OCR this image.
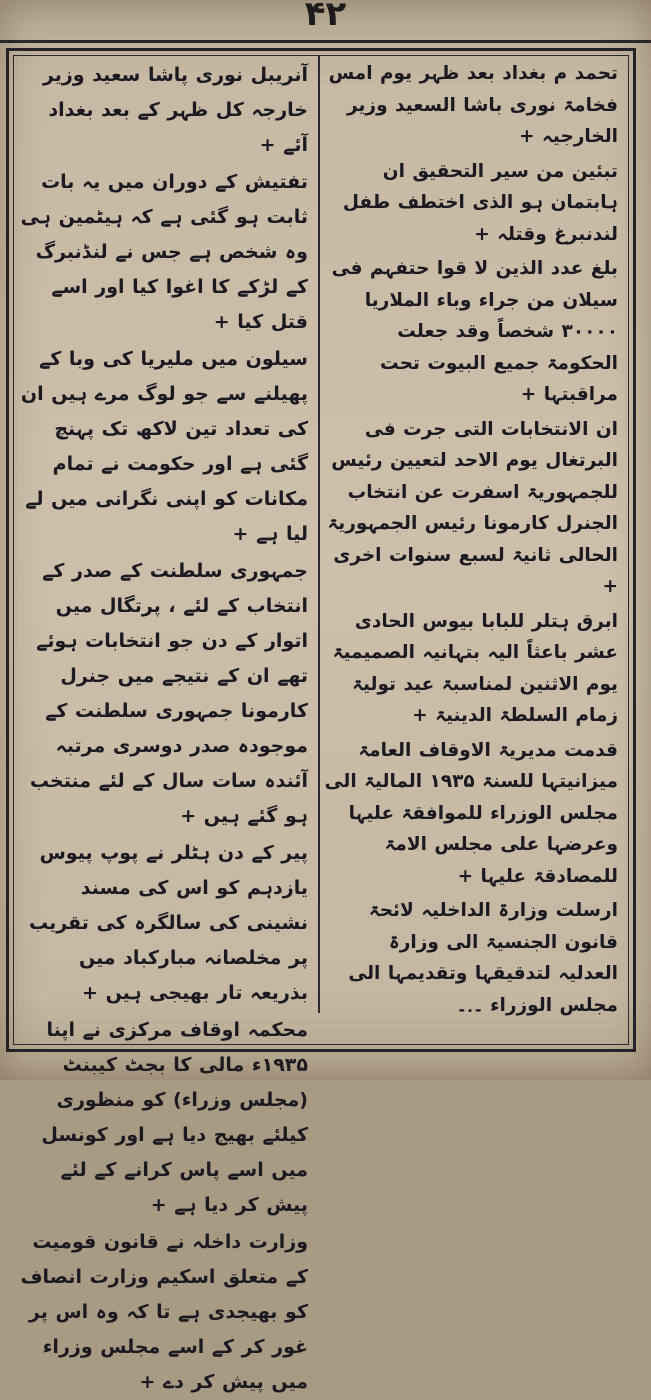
۴۲

تحمد م بغداد بعد ظہر یوم امس فخامۃ نوری باشا السعید وزیر الخارجیہ +

تبئین من سیر التحقیق ان ہابتمان ہو الذی اختطف طفل لندنبرغ وقتلہ +

بلغ عدد الذین لا قوا حتفہم فی سیلان من جراء وباء الملاریا ۳۰۰۰۰ شخصاً وقد جعلت الحکومۃ جمیع البیوت تحت مراقبتہا +

ان الانتخابات التی جرت فی البرتغال یوم الاحد لتعیین رئیس للجمہوریۃ اسفرت عن انتخاب الجنرل کارمونا رئیس الجمہوریۃ الحالی ثانیۃ لسبع سنوات اخری +

ابرق ہتلر للبابا بیوس الحادی عشر باعثاً الیہ بتہانیہ الصمیمیۃ یوم الاثنین لمناسبۃ عید تولیۃ زمام السلطۃ الدینیۃ +

قدمت مدیریۃ الاوقاف العامۃ میزانیتہا للسنۃ ۱۹۳۵ المالیۃ الی مجلس الوزراء للموافقۃ علیہا وعرضہا علی مجلس الامۃ للمصادقۃ علیہا +

ارسلت وزارۃ الداخلیہ لائحۃ قانون الجنسیۃ الی وزارۃ العدلیہ لتدقیقہا وتقدیمہا الی مجلس الوزراء

-۰-

آنریبل نوری پاشا سعید وزیر خارجہ کل ظہر کے بعد بغداد آئے +

تفتیش کے دوران میں یہ بات ثابت ہو گئی ہے کہ ہیٹمین ہی وہ شخص ہے جس نے لنڈنبرگ کے لڑکے کا اغوا کیا اور اسے قتل کیا +

سیلون میں ملیریا کی وبا کے پھیلنے سے جو لوگ مرے ہیں ان کی تعداد تین لاکھ تک پہنچ گئی ہے اور حکومت نے تمام مکانات کو اپنی نگرانی میں لے لیا ہے +

جمہوری سلطنت کے صدر کے انتخاب کے لئے ، پرتگال میں اتوار کے دن جو انتخابات ہوئے تھے ان کے نتیجے میں جنرل کارمونا جمہوری سلطنت کے موجودہ صدر دوسری مرتبہ آئندہ سات سال کے لئے منتخب ہو گئے ہیں +

پیر کے دن ہٹلر نے پوپ پیوس یازدہم کو اس کی مسند نشینی کی سالگرہ کی تقریب پر مخلصانہ مبارکباد میں بذریعہ تار بھیجی ہیں +

محکمہ اوقاف مرکزی نے اپنا ۱۹۳۵ء مالی کا بجٹ کیبنٹ (مجلس وزراء) کو منظوری کیلئے بھیج دیا ہے اور کونسل میں اسے پاس کرانے کے لئے پیش کر دیا ہے +

وزارت داخلہ نے قانون قومیت کے متعلق اسکیم وزارت انصاف کو بھیجدی ہے تا کہ وہ اس پر غور کر کے اسے مجلس وزراء میں پیش کر دے +
